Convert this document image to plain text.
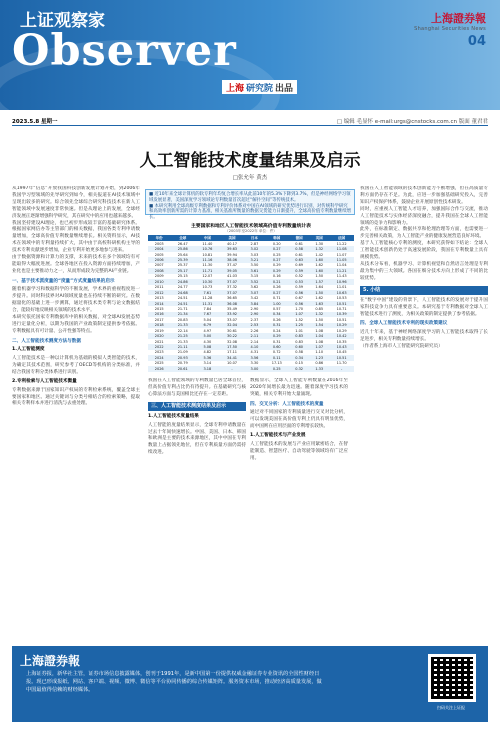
上证观察家
Observer
上海 研究院 出品
上海證券報
Shanghai Securities News
04
2023.5.8 星期一	□ 编辑 毛显怀 e-mail:urgs@cnstocks.com.cn 版面 董君君
人工智能技术度量结果及启示
□张允年 黄杰

从1997年“信息”开放我国科技创新发展计划开始，到2006年我国学习型领域的先导研究到如今，相关报道在AI技术领域中呈现出较多的研究。综合领先全球综合研究科技技术在新人工智能领域中发展速度非常快速。但是从理论上的发展，全球经济发展正逐渐增强科学研究，其在研究中的应用也越来越多。

我国坚持建设AI理论，也已初步形成较丰富的基础研究体系。根据国家网信办等主管部门的相关数据，我国各类专利申请数量增加，全球高价值专利数量继续增长。相关资料显示，AI技术在领域中的专利量持续扩大，其中由于高校科研机构主导的技术专利贡献逐步增加，企业专利开始更多地参与进来。

由于数据资源和计算力的支撑，未来的技术在多个领域均有可能取得大幅度进展。全球各地区在投入资源方面持续增加，产业化也是主要推动力之一，从而形成较为完整的AI产业链。

一、基于技术派度量的“度量”方式度量结果的启示

随着机器学习和数据科学的不断发展，学术界的重视程度进一步提升。同时科技界对AI领域度量也在持续不断的研究。在数据量化的基础上进一步测算，通过将技术类专利与论文数据结合，能较好地反映相关领域的技术水平。

本研究依托国家专利数据库中的相关数据，对全球AI发展态势进行定量化分析，以期为我国的产业政策制定提供参考依据。专利数据具有可计量、公开性强等特点。

二、人工智能技术测度方法与数据
1.人工智能测度

人工智能技术是一种以计算机为基础的模拟人类智能的技术，为确定其技术范围，研究参考了OECD等机构的分类标准，并结合我国专利分类体系进行识别。

2.专利检索与人工智能技术衡量

专利数据来源于国家知识产权局的专利检索系统，覆盖全球主要国家和地区。通过关键词与分类号相结合的检索策略，提取相关专利样本并进行清洗与去重处理。

■ 近10年来全球计算机的软专利年均复合增长率从此前10年的5.3%下降到3.7%，但是神经网络学习领域发展显著，美国深度学习领域论专利数量首次超过“解扑空间”等传统技术。
■ 本研究利用全球高级专利数据和专利评价体系对中国在AI领域的研究优势进行识别，对传统科学研究和高效率创新所需的计算力基准，相关基准所衡量的数据交货能力日渐提升，全球高价值专利数量继续增长。
主要国家和地区人工智能技术领域高价值专利数量统计表
（2003年至2022年 单位：件）
年份	全球	中国	美国	日本	韩国	德国	英国	法国
2003	26.47	11.40	40.17	2.87	0.20	0.61	1.30	11.22
2004	25.86	10.76	39.63	3.02	0.27	0.58	1.32	11.08
2005	25.64	10.81	39.94	3.03	0.25	0.61	1.42	11.07
2006	25.39	11.16	38.06	3.21	0.27	0.63	1.60	11.05
2007	25.37	11.30	37.47	3.50	0.29	0.69	1.62	11.04
2008	25.17	11.71	39.05	3.61	0.29	0.59	1.60	11.21
2009	25.15	12.07	41.03	3.15	0.16	0.52	1.50	11.43
2010	24.86	10.30	37.07	3.52	0.21	0.53	1.57	10.96
2011	24.77	10.73	37.32	3.62	0.26	0.59	1.64	11.01
2012	24.68	7.61	37.07	3.07	0.27	0.56	1.50	10.63
2013	24.51	11.28	36.65	3.42	0.71	0.67	1.62	10.53
2014	24.51	11.31	36.08	3.84	1.00	0.56	1.63	10.51
2015	21.71	7.84	35.49	2.90	0.57	1.70	0.85	10.71
2016	21.34	7.67	33.92	2.90	0.34	1.07	1.32	10.39
2017	20.83	5.04	33.07	2.37	0.26	1.52	1.50	10.51
2018	21.33	6.79	32.04	2.53	0.31	1.25	1.54	10.29
2019	22.14	4.97	30.61	2.26	0.24	1.01	1.08	10.29
2020	21.25	5.00	30.22	2.11	0.29	0.83	1.04	10.42
2021	21.33	4.30	32.08	2.14	0.31	0.83	1.08	10.35
2022	21.11	5.08	17.50	4.10	0.60	0.60	1.07	10.43
2023	21.09	4.82	17.11	4.31	0.72	0.58	1.10	10.45
2024	20.93	5.36	34.41	3.56	0.11	0.34	1.23	10.51
2025	20.79	3.14	10.07	3.30	17.13	0.15	0.86	11.70
2026	20.61	3.18	-	3.00	0.25	0.32	1.33	-

我国在人工智能领域的专利数量已居全球首位，但高价值专利占比仍有待提升。在基础研究与核心算法方面与美国相比还存在一定差距。

三、人工智能技术测度结果及启示
1.人工智能技术度量结果

人工智能的度量结果显示，全球专利申请数量在过去十年间快速增长。中国、美国、日本、韩国和欧洲是主要的技术来源地区，其中中国在专利数量上占据领先地位，但在专利质量方面仍需持续改进。

数据显示，全球人工智能专利数量在2016年至2020年间增长最为迅速。随着深度学习技术的突破，相关专利开始大量涌现。

四、交叉分析：人工智能技术的度量

通过对不同国家的专利质量进行交叉对比分析，可以发现美国在高价值专利上仍具有明显优势，而中国则在应用层面的专利增长较快。

1.人工智能技术与产业发展

人工智能技术的发展与产业应用紧密结合，在智能制造、智慧医疗、自动驾驶等领域均有广泛应用。

我国在人工智能领域的技术创新能力不断增强，但在高质量专利方面仍存在不足。为此，应进一步加强基础研究投入，完善知识产权保护体系，鼓励企业开展原创性技术研发。

同时，应重视人工智能人才培养，加强国际合作与交流，推动人工智能技术与实体经济深度融合，提升我国在全球人工智能领域的竞争力和影响力。

此外，在标准制定、数据共享和伦理治理等方面，也需要进一步完善相关政策，为人工智能产业的健康发展营造良好环境。

基于人工智能核心专利的测度，本研究获得如下结论：全球人工智能技术创新仍处于高速发展阶段，我国在专利数量上具有规模优势。

从技术分布看，机器学习、计算机视觉和自然语言处理是专利最为集中的三大领域。各国在细分技术方向上形成了不同的比较优势。

5. 小结

在“数字中国”建设的背景下，人工智能技术的发展对于提升国家科技竞争力具有重要意义。本研究基于专利数据对全球人工智能技术进行了测度，为相关政策的制定提供了参考依据。

四、全球人工智能技术专利的现实政策建议

近几十年来，基于神经网络深度学习的人工智能技术取得了长足进步，相关专利数量持续增长。

（作者系上海市人工智能研究院研究员）

上海證券報
上海证券报，新华社主管，证券市场信息披露媒体，创刊于1991年，是新中国第一份提供权威金融证券专业资讯的全国性财经日报。现已形成报纸、网站、客户端、视频、微博、微信等平台协同传播的综合传媒矩阵。服务资本市场，推动经济高质量发展，做中国最值得信赖的财经媒体。
扫码关注上证报
